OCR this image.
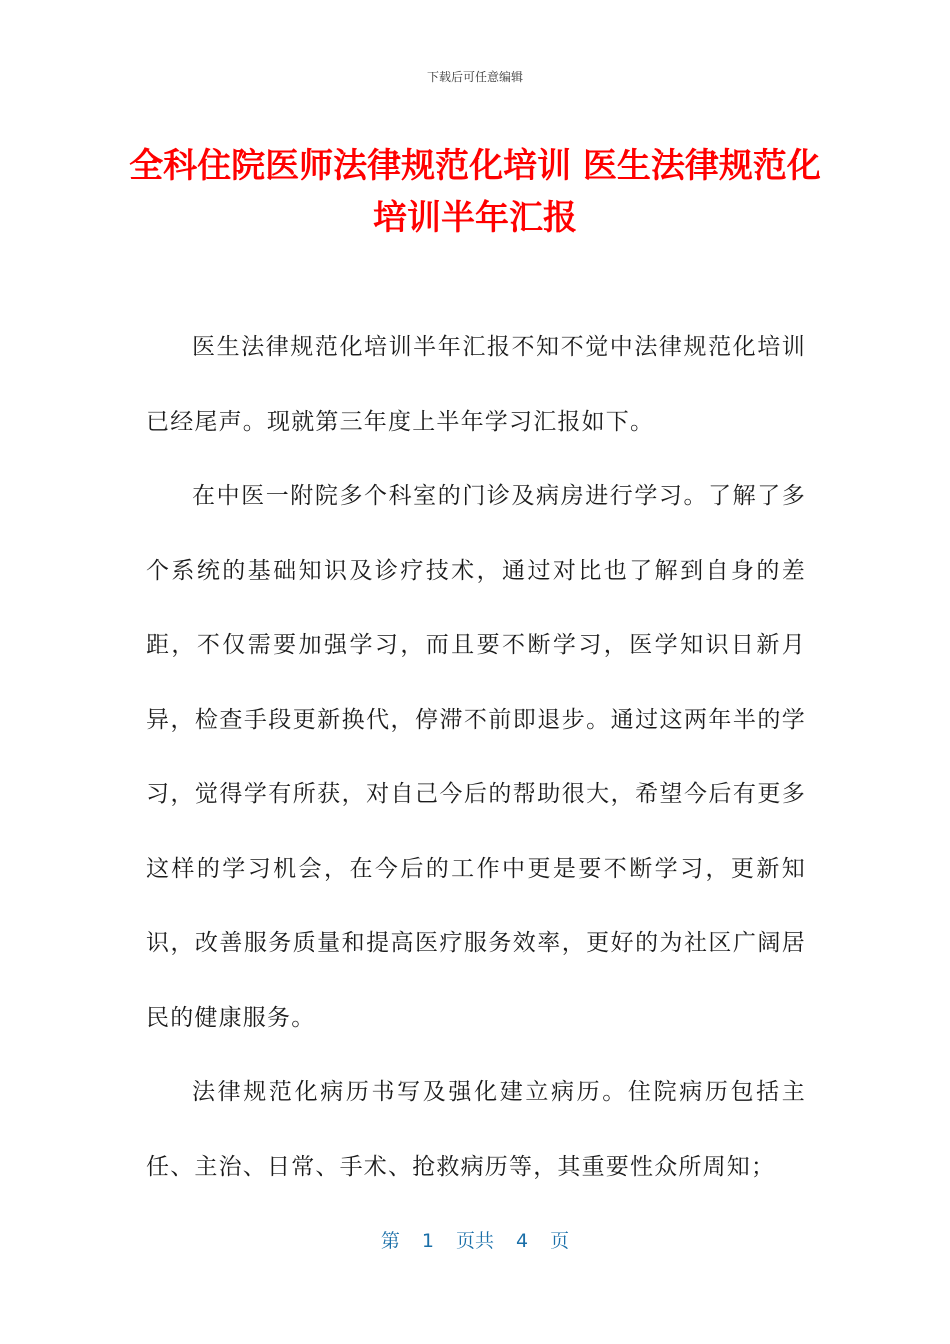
下载后可任意编辑
全科住院医师法律规范化培训 医生法律规范化培训半年汇报

医生法律规范化培训半年汇报不知不觉中法律规范化培训已经尾声。现就第三年度上半年学习汇报如下。

在中医一附院多个科室的门诊及病房进行学习。了解了多个系统的基础知识及诊疗技术，通过对比也了解到自身的差距，不仅需要加强学习，而且要不断学习，医学知识日新月异，检查手段更新换代，停滞不前即退步。通过这两年半的学习，觉得学有所获，对自己今后的帮助很大，希望今后有更多这样的学习机会，在今后的工作中更是要不断学习，更新知识，改善服务质量和提高医疗服务效率，更好的为社区广阔居民的健康服务。

法律规范化病历书写及强化建立病历。住院病历包括主任、主治、日常、手术、抢救病历等，其重要性众所周知；

第 1 页共 4 页
